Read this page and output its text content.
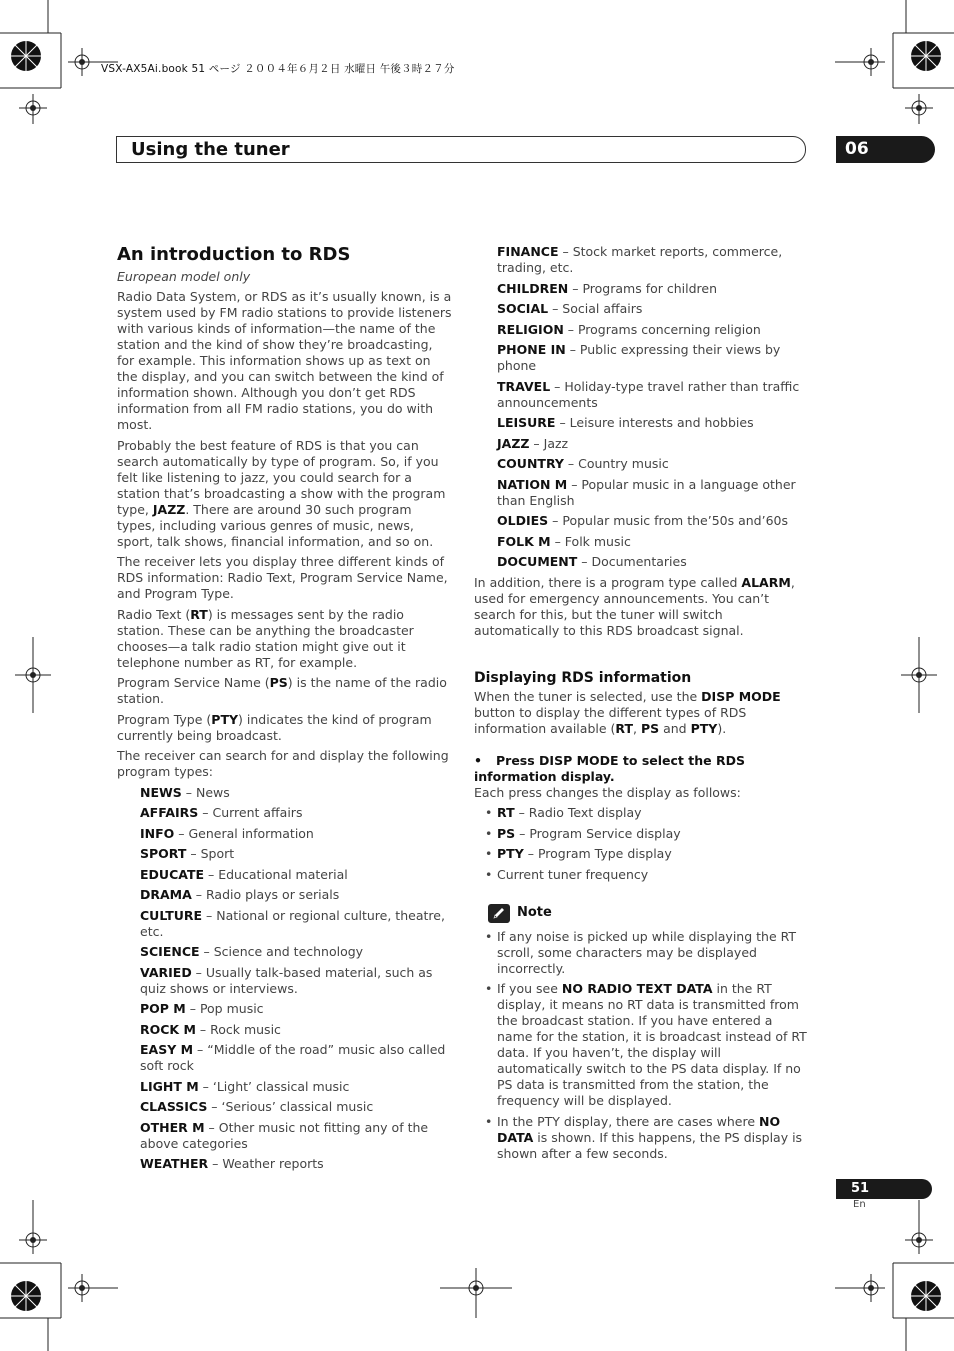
VSX-AX5Ai.book 51 ページ ２００４年６月２日 水曜日 午後３時２７分
Using the tuner	06
An introduction to RDS

European model only

Radio Data System, or RDS as it’s usually known, is a system used by FM radio stations to provide listeners with various kinds of information—the name of the station and the kind of show they’re broadcasting, for example. This information shows up as text on the display, and you can switch between the kind of information shown. Although you don’t get RDS information from all FM radio stations, you do with most.

Probably the best feature of RDS is that you can search automatically by type of program. So, if you felt like listening to jazz, you could search for a station that’s broadcasting a show with the program type, JAZZ. There are around 30 such program types, including various genres of music, news, sport, talk shows, financial information, and so on.

The receiver lets you display three different kinds of RDS information: Radio Text, Program Service Name, and Program Type.

Radio Text (RT) is messages sent by the radio station. These can be anything the broadcaster chooses—a talk radio station might give out it telephone number as RT, for example.

Program Service Name (PS) is the name of the radio station.

Program Type (PTY) indicates the kind of program currently being broadcast.

The receiver can search for and display the following program types:

NEWS – News

AFFAIRS – Current affairs

INFO – General information

SPORT – Sport

EDUCATE – Educational material

DRAMA – Radio plays or serials

CULTURE – National or regional culture, theatre, etc.

SCIENCE – Science and technology

VARIED – Usually talk-based material, such as quiz shows or interviews.

POP M – Pop music

ROCK M – Rock music

EASY M – “Middle of the road” music also called soft rock

LIGHT M – ‘Light’ classical music

CLASSICS – ‘Serious’ classical music

OTHER M – Other music not fitting any of the above categories

WEATHER – Weather reports

FINANCE – Stock market reports, commerce, trading, etc.

CHILDREN – Programs for children

SOCIAL – Social affairs

RELIGION – Programs concerning religion

PHONE IN – Public expressing their views by phone

TRAVEL – Holiday-type travel rather than traffic announcements

LEISURE – Leisure interests and hobbies

JAZZ – Jazz

COUNTRY – Country music

NATION M – Popular music in a language other than English

OLDIES – Popular music from the’50s and’60s

FOLK M – Folk music

DOCUMENT – Documentaries

In addition, there is a program type called ALARM, used for emergency announcements. You can’t search for this, but the tuner will switch automatically to this RDS broadcast signal.

Displaying RDS information

When the tuner is selected, use the DISP MODE button to display the different types of RDS information available (RT, PS and PTY).

• Press DISP MODE to select the RDS information display.

Each press changes the display as follows:

• RT – Radio Text display
• PS – Program Service display
• PTY – Program Type display
• Current tuner frequency
Note
• If any noise is picked up while displaying the RT scroll, some characters may be displayed incorrectly.
• If you see NO RADIO TEXT DATA in the RT display, it means no RT data is transmitted from the broadcast station. If you have entered a name for the station, it is broadcast instead of RT data. If you haven’t, the display will automatically switch to the PS data display. If no PS data is transmitted from the station, the frequency will be displayed.
• In the PTY display, there are cases where NO DATA is shown. If this happens, the PS display is shown after a few seconds.
51
En
